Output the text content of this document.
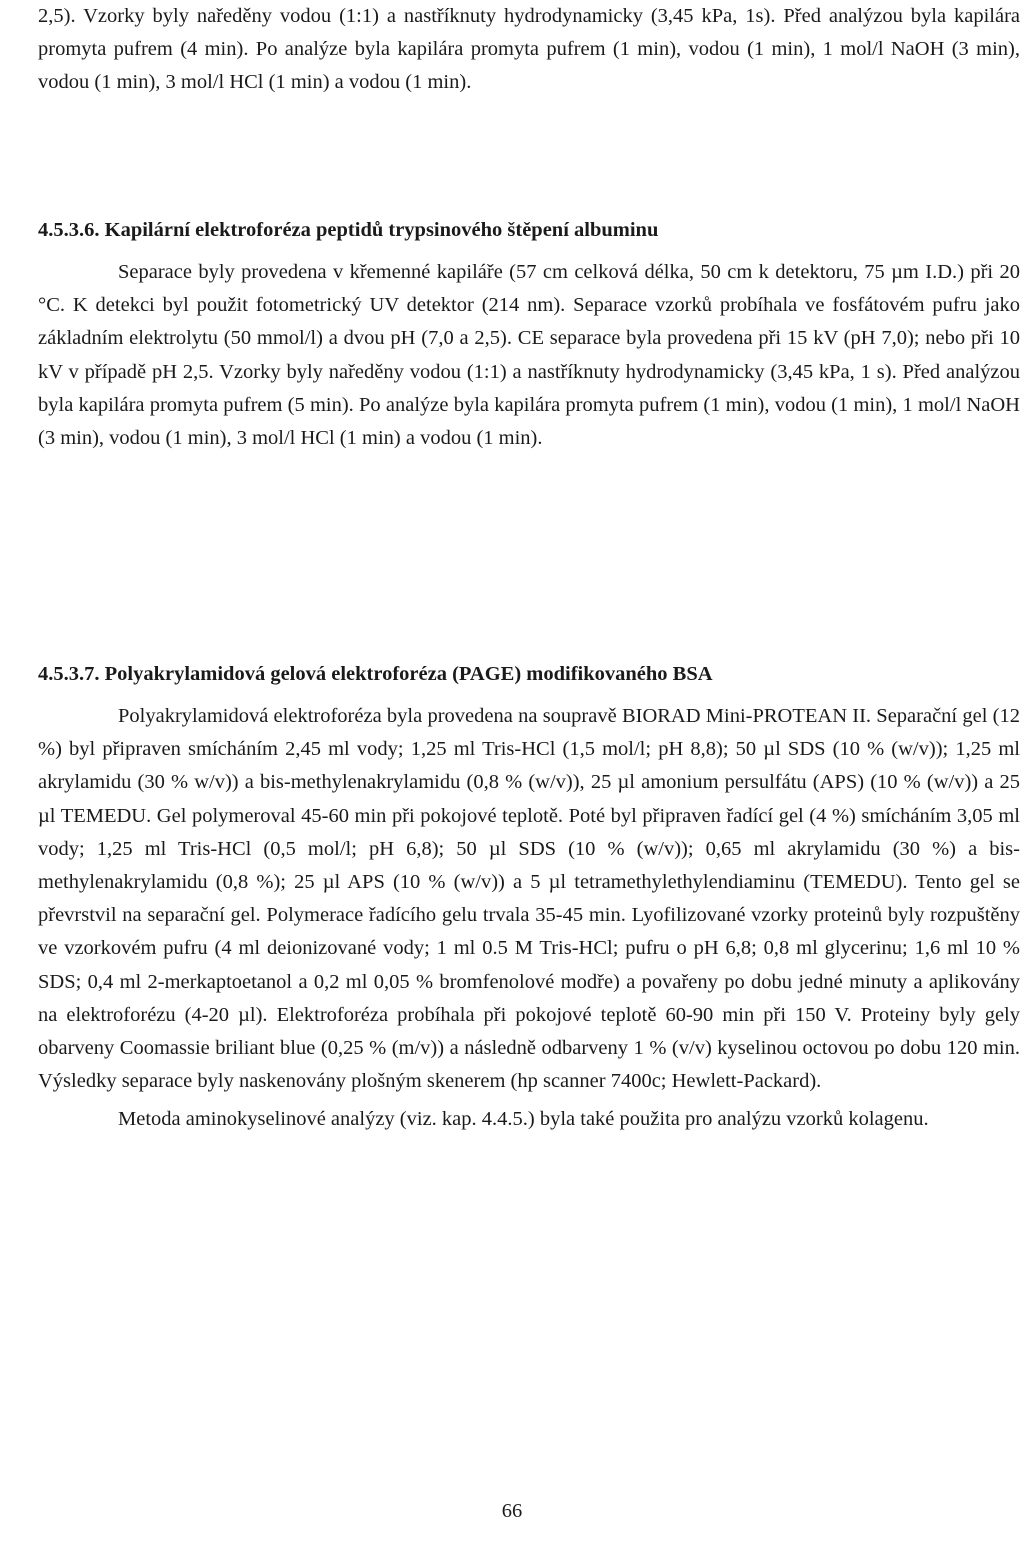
2,5). Vzorky byly naředěny vodou (1:1) a nastříknuty hydrodynamicky (3,45 kPa, 1s). Před analýzou byla kapilára promyta pufrem (4 min). Po analýze byla kapilára promyta pufrem (1 min), vodou (1 min), 1 mol/l NaOH (3 min), vodou (1 min), 3 mol/l HCl (1 min) a vodou (1 min).

4.5.3.6. Kapilární elektroforéza peptidů trypsinového štěpení albuminu

Separace byly provedena v křemenné kapiláře (57 cm celková délka, 50 cm k detektoru, 75 µm I.D.) při 20 °C. K detekci byl použit fotometrický UV detektor (214 nm). Separace vzorků probíhala ve fosfátovém pufru jako základním elektrolytu (50 mmol/l) a dvou pH (7,0 a 2,5). CE separace byla provedena při 15 kV (pH 7,0); nebo při 10 kV v případě pH 2,5. Vzorky byly naředěny vodou (1:1) a nastříknuty hydrodynamicky (3,45 kPa, 1 s). Před analýzou byla kapilára promyta pufrem (5 min). Po analýze byla kapilára promyta pufrem (1 min), vodou (1 min), 1 mol/l NaOH (3 min), vodou (1 min), 3 mol/l HCl (1 min) a vodou (1 min).

4.5.3.7. Polyakrylamidová gelová elektroforéza (PAGE) modifikovaného BSA

Polyakrylamidová elektroforéza byla provedena na soupravě BIORAD Mini-PROTEAN II. Separační gel (12 %) byl připraven smícháním 2,45 ml vody; 1,25 ml Tris-HCl (1,5 mol/l; pH 8,8); 50 µl SDS (10 % (w/v)); 1,25 ml akrylamidu (30 % w/v)) a bis-methylenakrylamidu (0,8 % (w/v)), 25 µl amonium persulfátu (APS) (10 % (w/v)) a 25 µl TEMEDU. Gel polymeroval 45-60 min při pokojové teplotě. Poté byl připraven řadící gel (4 %) smícháním 3,05 ml vody; 1,25 ml Tris-HCl (0,5 mol/l; pH 6,8); 50 µl SDS (10 % (w/v)); 0,65 ml akrylamidu (30 %) a bis-methylenakrylamidu (0,8 %); 25 µl APS (10 % (w/v)) a 5 µl tetramethylethylendiaminu (TEMEDU). Tento gel se převrstvil na separační gel. Polymerace řadícího gelu trvala 35-45 min. Lyofilizované vzorky proteinů byly rozpuštěny ve vzorkovém pufru (4 ml deionizované vody; 1 ml 0.5 M Tris-HCl; pufru o pH 6,8; 0,8 ml glycerinu; 1,6 ml 10 % SDS; 0,4 ml 2-merkaptoetanol a 0,2 ml 0,05 % bromfenolové modře) a povařeny po dobu jedné minuty a aplikovány na elektroforézu (4-20 µl). Elektroforéza probíhala při pokojové teplotě 60-90 min při 150 V. Proteiny byly gely obarveny Coomassie briliant blue (0,25 % (m/v)) a následně odbarveny 1 % (v/v) kyselinou octovou po dobu 120 min. Výsledky separace byly naskenovány plošným skenerem (hp scanner 7400c; Hewlett-Packard).

Metoda aminokyselinové analýzy (viz. kap. 4.4.5.) byla také použita pro analýzu vzorků kolagenu.

66
